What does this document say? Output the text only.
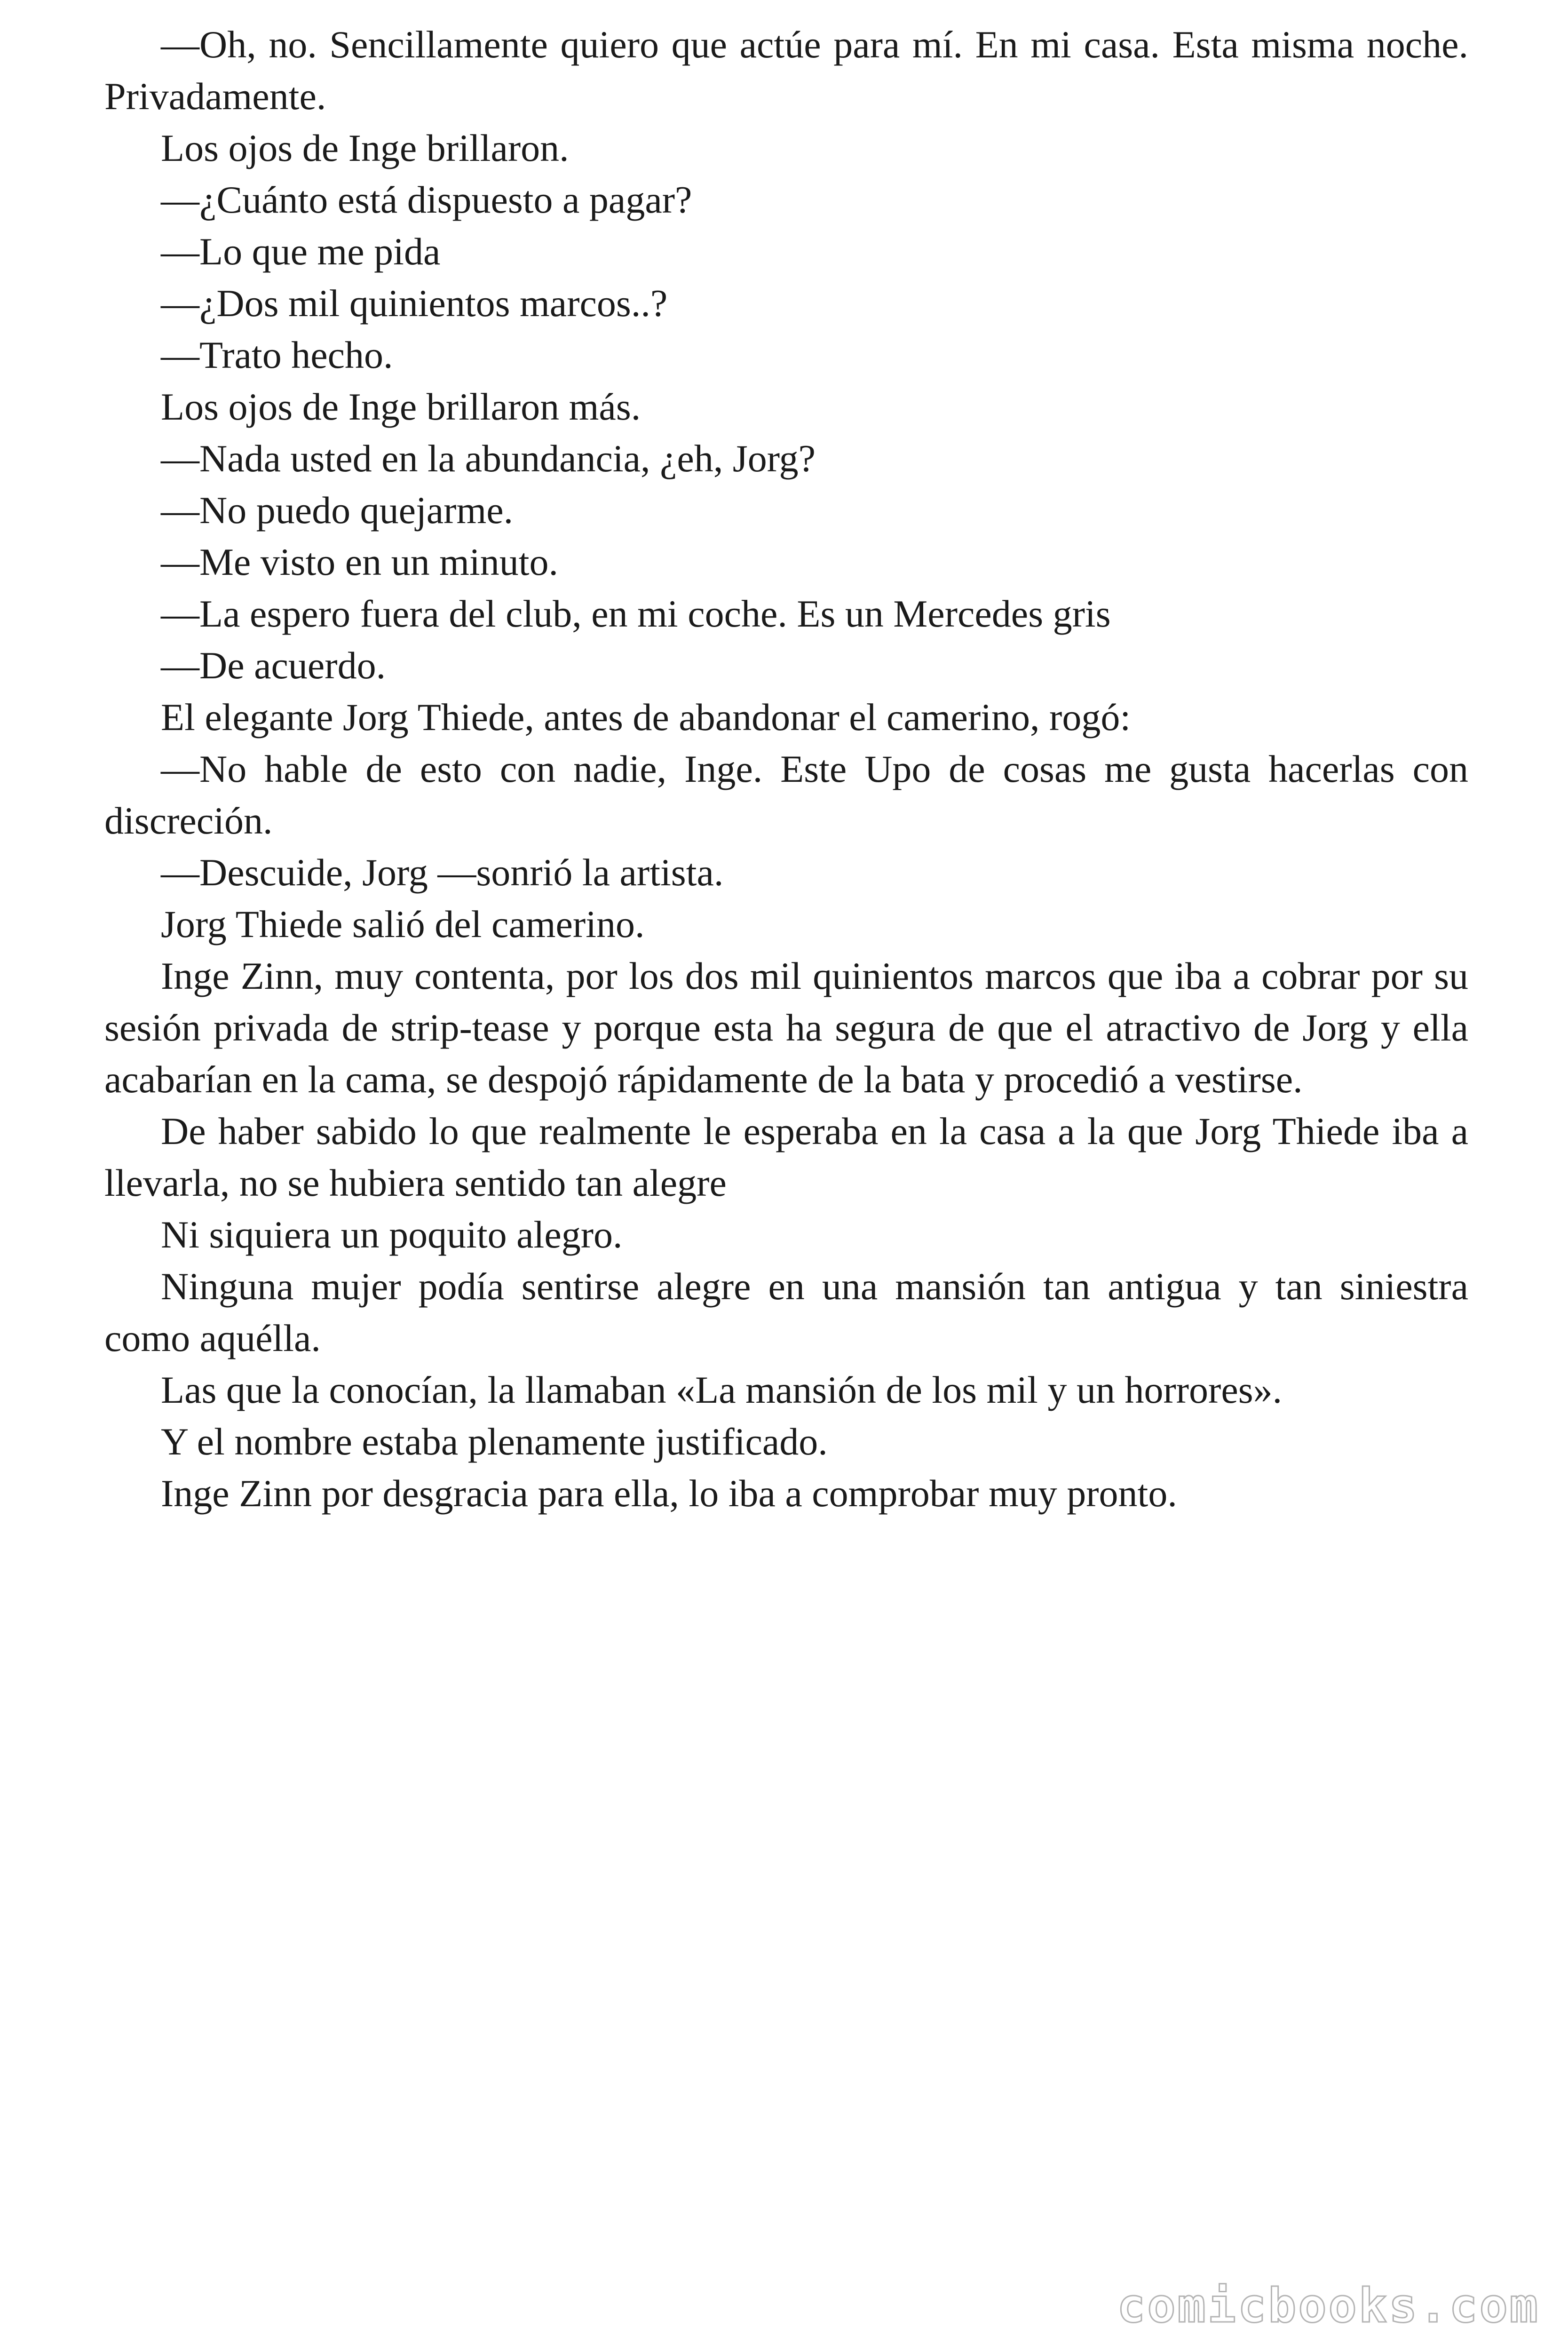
—Oh, no. Sencillamente quiero que actúe para mí. En mi casa. Esta misma noche. Privadamente.

Los ojos de Inge brillaron.

—¿Cuánto está dispuesto a pagar?

—Lo que me pida

—¿Dos mil quinientos marcos..?

—Trato hecho.

Los ojos de Inge brillaron más.

—Nada usted en la abundancia, ¿eh, Jorg?

—No puedo quejarme.

—Me visto en un minuto.

—La espero fuera del club, en mi coche. Es un Mercedes gris

—De acuerdo.

El elegante Jorg Thiede, antes de abandonar el camerino, rogó:

—No hable de esto con nadie, Inge. Este Upo de cosas me gusta hacerlas con discreción.

—Descuide, Jorg —sonrió la artista.

Jorg Thiede salió del camerino.

Inge Zinn, muy contenta, por los dos mil quinientos marcos que iba a cobrar por su sesión privada de strip-tease y porque esta ha segura de que el atractivo de Jorg y ella acabarían en la cama, se despojó rápidamente de la bata y procedió a vestirse.

De haber sabido lo que realmente le esperaba en la casa a la que Jorg Thiede iba a llevarla, no se hubiera sentido tan alegre

Ni siquiera un poquito alegro.

Ninguna mujer podía sentirse alegre en una mansión tan antigua y tan siniestra como aquélla.

Las que la conocían, la llamaban «La mansión de los mil y un horrores».

Y el nombre estaba plenamente justificado.

Inge Zinn por desgracia para ella, lo iba a comprobar muy pronto.

comicbooks.com
